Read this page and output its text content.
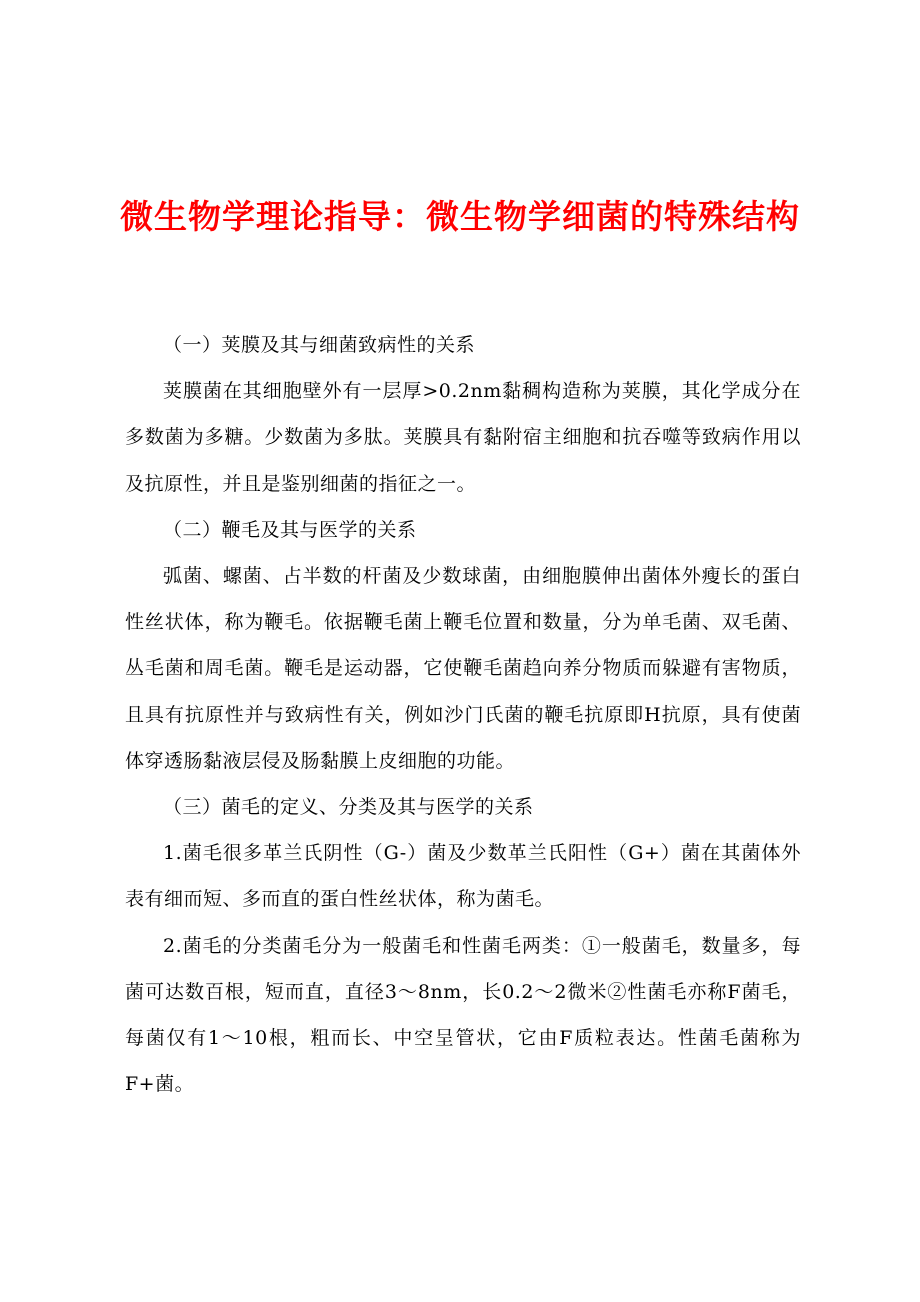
微生物学理论指导：微生物学细菌的特殊结构

（一）荚膜及其与细菌致病性的关系

荚膜菌在其细胞壁外有一层厚>0.2nm黏稠构造称为荚膜，其化学成分在多数菌为多糖。少数菌为多肽。荚膜具有黏附宿主细胞和抗吞噬等致病作用以及抗原性，并且是鉴别细菌的指征之一。

（二）鞭毛及其与医学的关系

弧菌、螺菌、占半数的杆菌及少数球菌，由细胞膜伸出菌体外瘦长的蛋白性丝状体，称为鞭毛。依据鞭毛菌上鞭毛位置和数量，分为单毛菌、双毛菌、丛毛菌和周毛菌。鞭毛是运动器，它使鞭毛菌趋向养分物质而躲避有害物质，且具有抗原性并与致病性有关，例如沙门氏菌的鞭毛抗原即H抗原，具有使菌体穿透肠黏液层侵及肠黏膜上皮细胞的功能。

（三）菌毛的定义、分类及其与医学的关系

1.菌毛很多革兰氏阴性（G-）菌及少数革兰氏阳性（G+）菌在其菌体外表有细而短、多而直的蛋白性丝状体，称为菌毛。

2.菌毛的分类菌毛分为一般菌毛和性菌毛两类：①一般菌毛，数量多，每菌可达数百根，短而直，直径3～8nm，长0.2～2微米②性菌毛亦称F菌毛，每菌仅有1～10根，粗而长、中空呈管状，它由F质粒表达。性菌毛菌称为F+菌。
